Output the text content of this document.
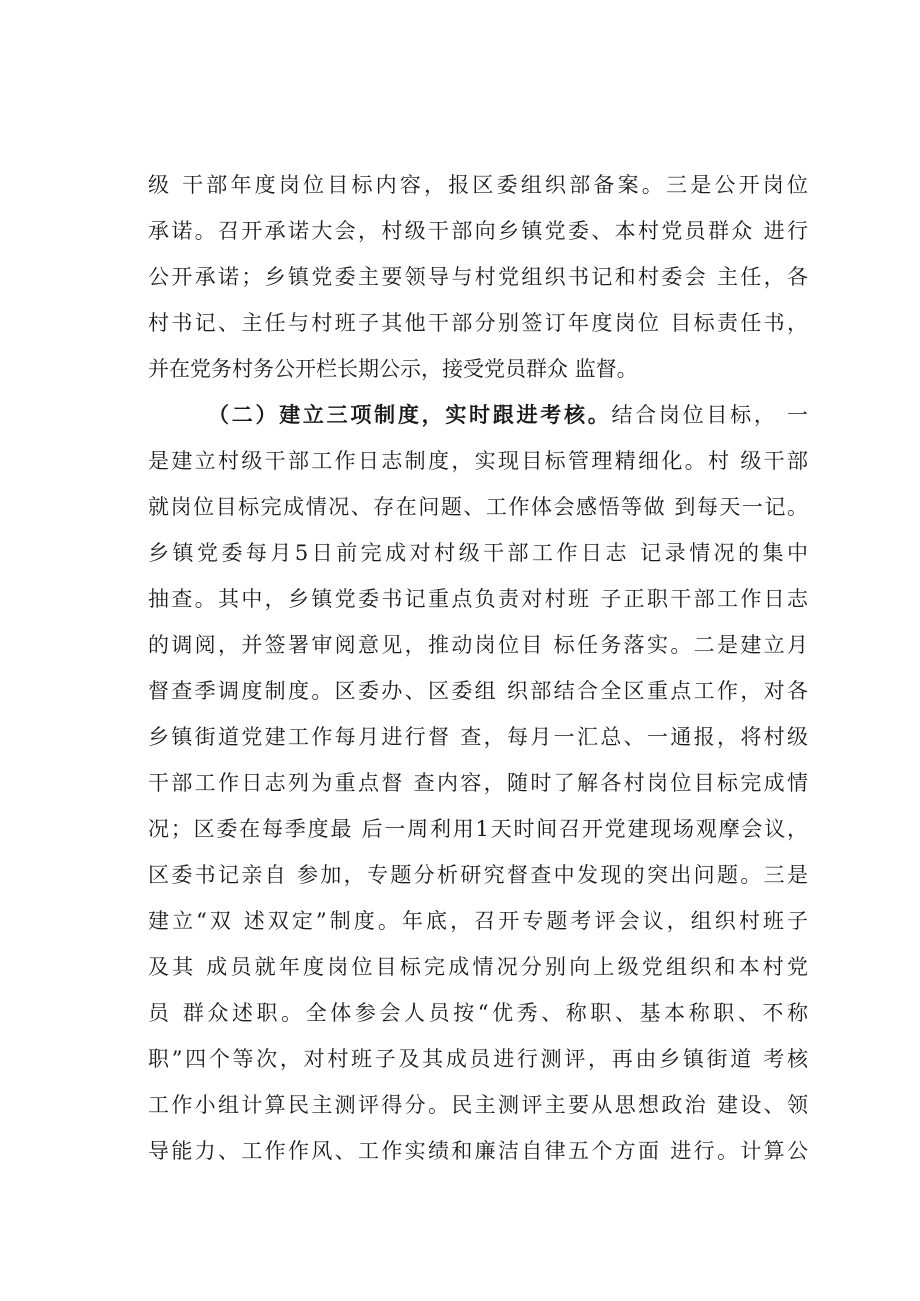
级 干部年度岗位目标内容，报区委组织部备案。三是公开岗位
承诺。召开承诺大会，村级干部向乡镇党委、本村党员群众 进行
公开承诺；乡镇党委主要领导与村党组织书记和村委会 主任，各
村书记、主任与村班子其他干部分别签订年度岗位 目标责任书，
并在党务村务公开栏长期公示，接受党员群众 监督。
（二）建立三项制度，实时跟进考核。结合岗位目标， 一
是建立村级干部工作日志制度，实现目标管理精细化。村 级干部
就岗位目标完成情况、存在问题、工作体会感悟等做 到每天一记。
乡镇党委每月5日前完成对村级干部工作日志 记录情况的集中
抽查。其中，乡镇党委书记重点负责对村班 子正职干部工作日志
的调阅，并签署审阅意见，推动岗位目 标任务落实。二是建立月
督查季调度制度。区委办、区委组 织部结合全区重点工作，对各
乡镇街道党建工作每月进行督 查，每月一汇总、一通报，将村级
干部工作日志列为重点督 查内容，随时了解各村岗位目标完成情
况；区委在每季度最 后一周利用1天时间召开党建现场观摩会议，
区委书记亲自 参加，专题分析研究督查中发现的突出问题。三是
建立“双 述双定”制度。年底，召开专题考评会议，组织村班子
及其 成员就年度岗位目标完成情况分别向上级党组织和本村党
员 群众述职。全体参会人员按“优秀、称职、基本称职、不称
职”四个等次，对村班子及其成员进行测评，再由乡镇街道 考核
工作小组计算民主测评得分。民主测评主要从思想政治 建设、领
导能力、工作作风、工作实绩和廉洁自律五个方面 进行。计算公
